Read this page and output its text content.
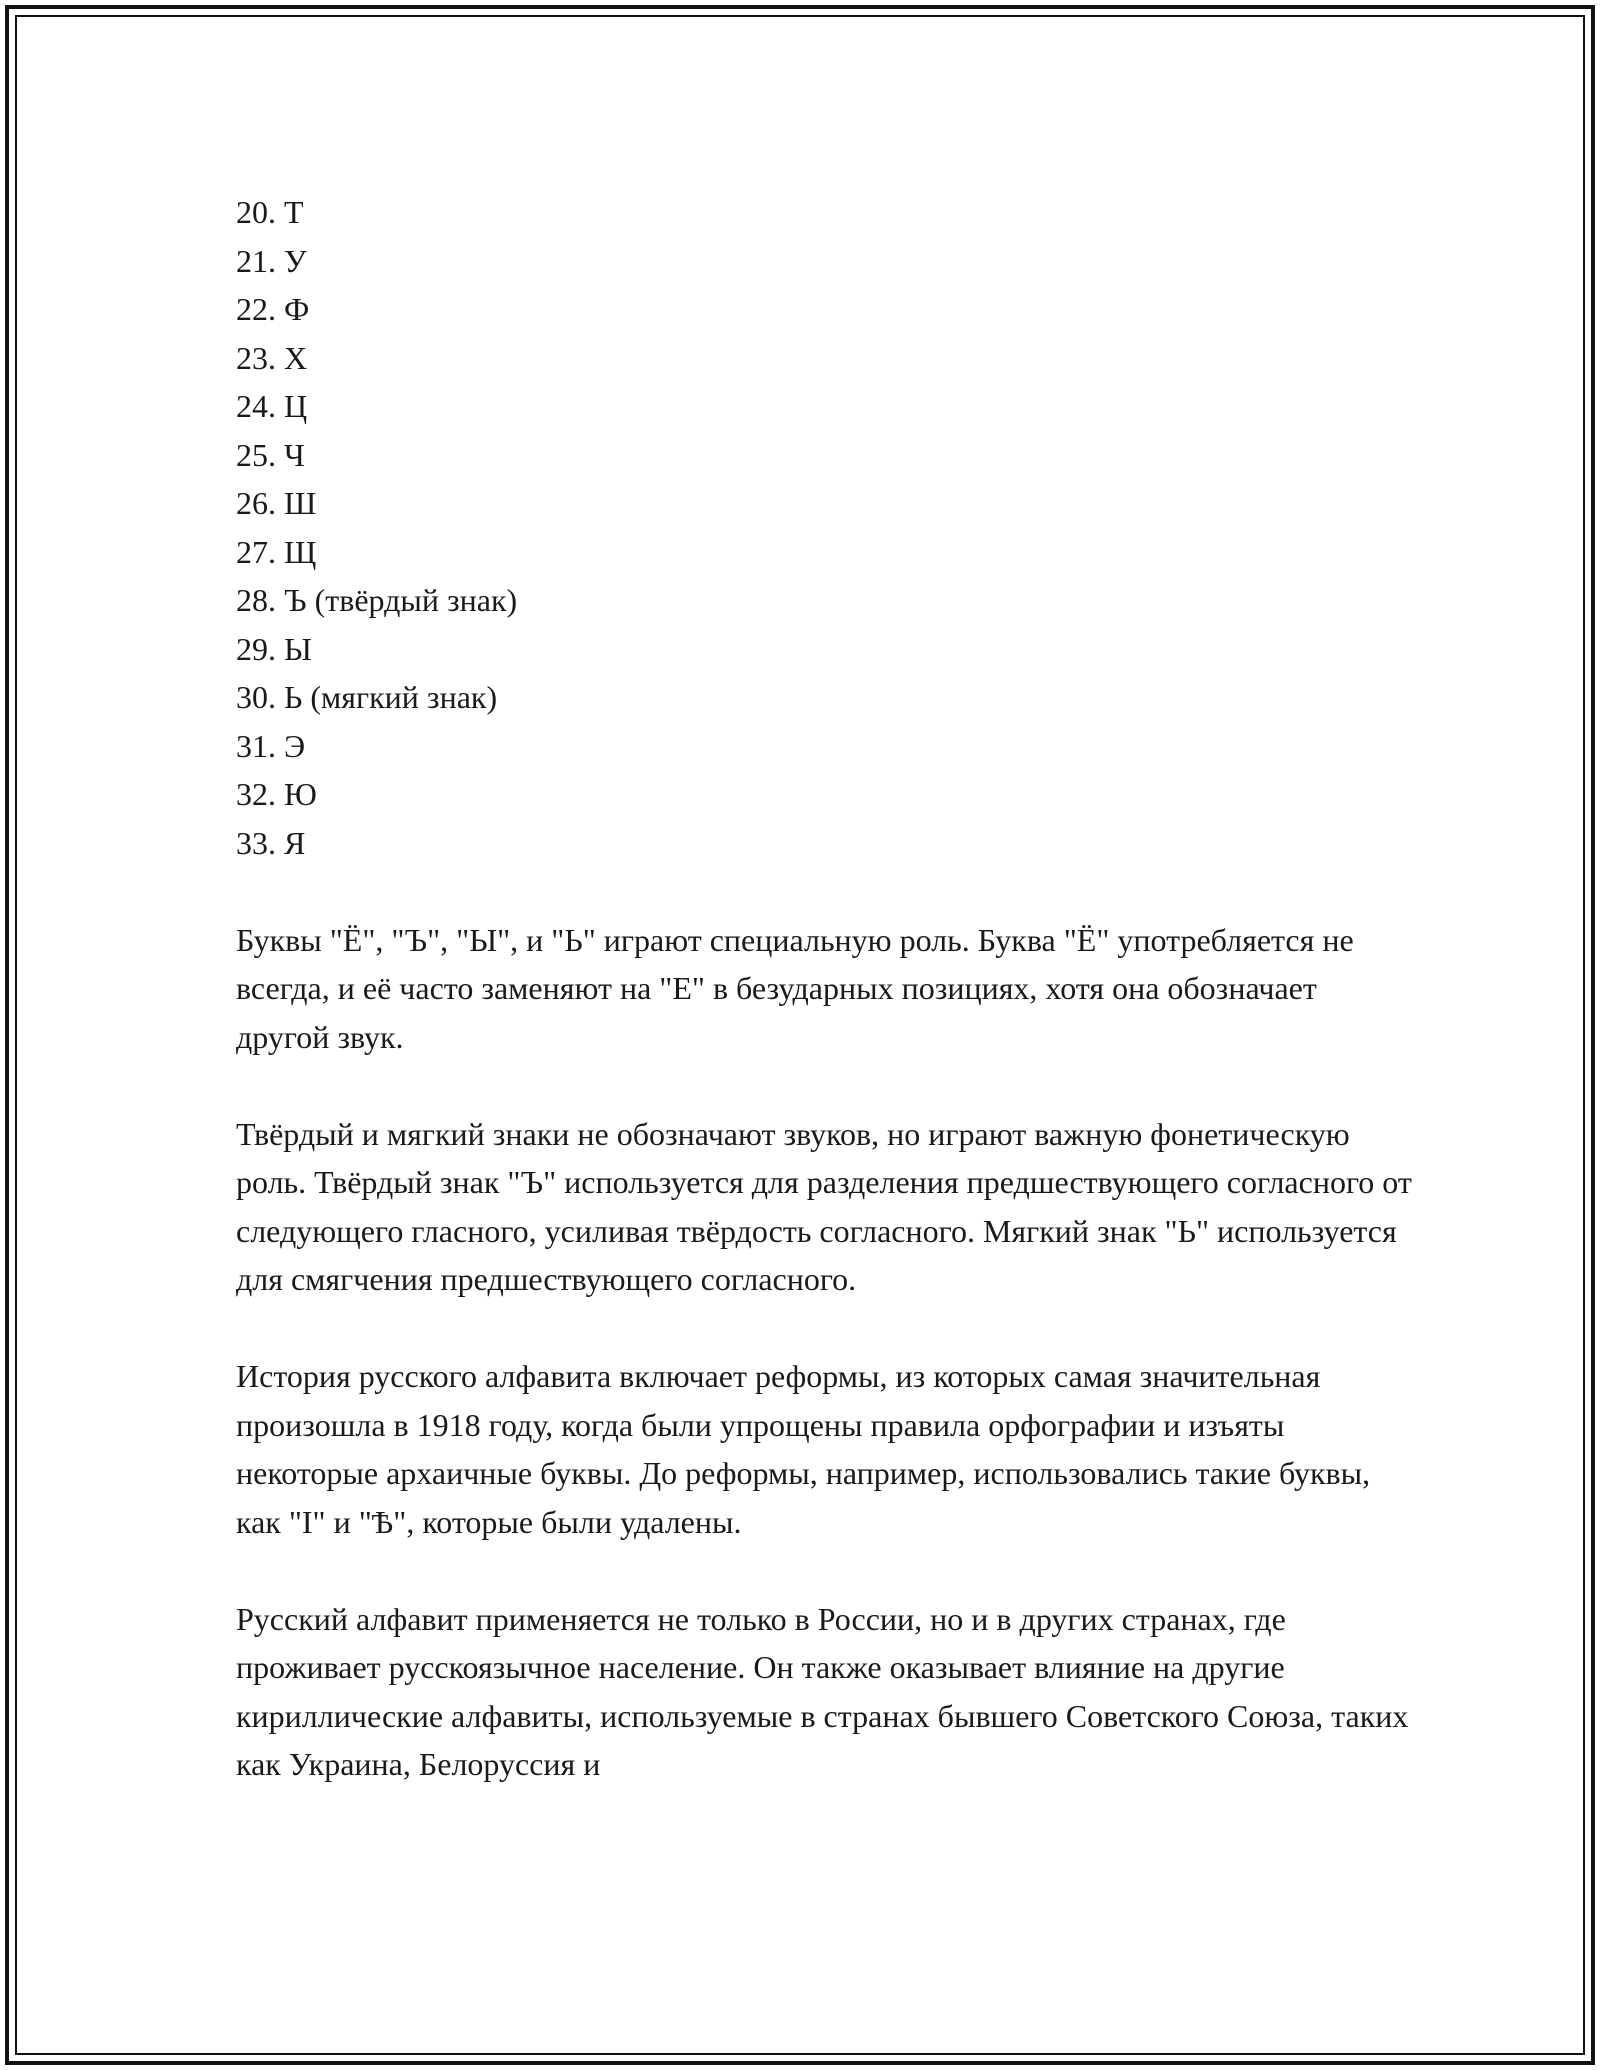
20. Т
21. У
22. Ф
23. Х
24. Ц
25. Ч
26. Ш
27. Щ
28. Ъ (твёрдый знак)
29. Ы
30. Ь (мягкий знак)
31. Э
32. Ю
33. Я

Буквы "Ё", "Ъ", "Ы", и "Ь" играют специальную роль. Буква "Ё" употребляется не всегда, и её часто заменяют на "Е" в безударных позициях, хотя она обозначает другой звук.

Твёрдый и мягкий знаки не обозначают звуков, но играют важную фонетическую роль. Твёрдый знак "Ъ" используется для разделения предшествующего согласного от следующего гласного, усиливая твёрдость согласного. Мягкий знак "Ь" используется для смягчения предшествующего согласного.

История русского алфавита включает реформы, из которых самая значительная произошла в 1918 году, когда были упрощены правила орфографии и изъяты некоторые архаичные буквы. До реформы, например, использовались такие буквы, как "І" и "Ѣ", которые были удалены.

Русский алфавит применяется не только в России, но и в других странах, где проживает русскоязычное население. Он также оказывает влияние на другие кириллические алфавиты, используемые в странах бывшего Советского Союза, таких как Украина, Белоруссия и
